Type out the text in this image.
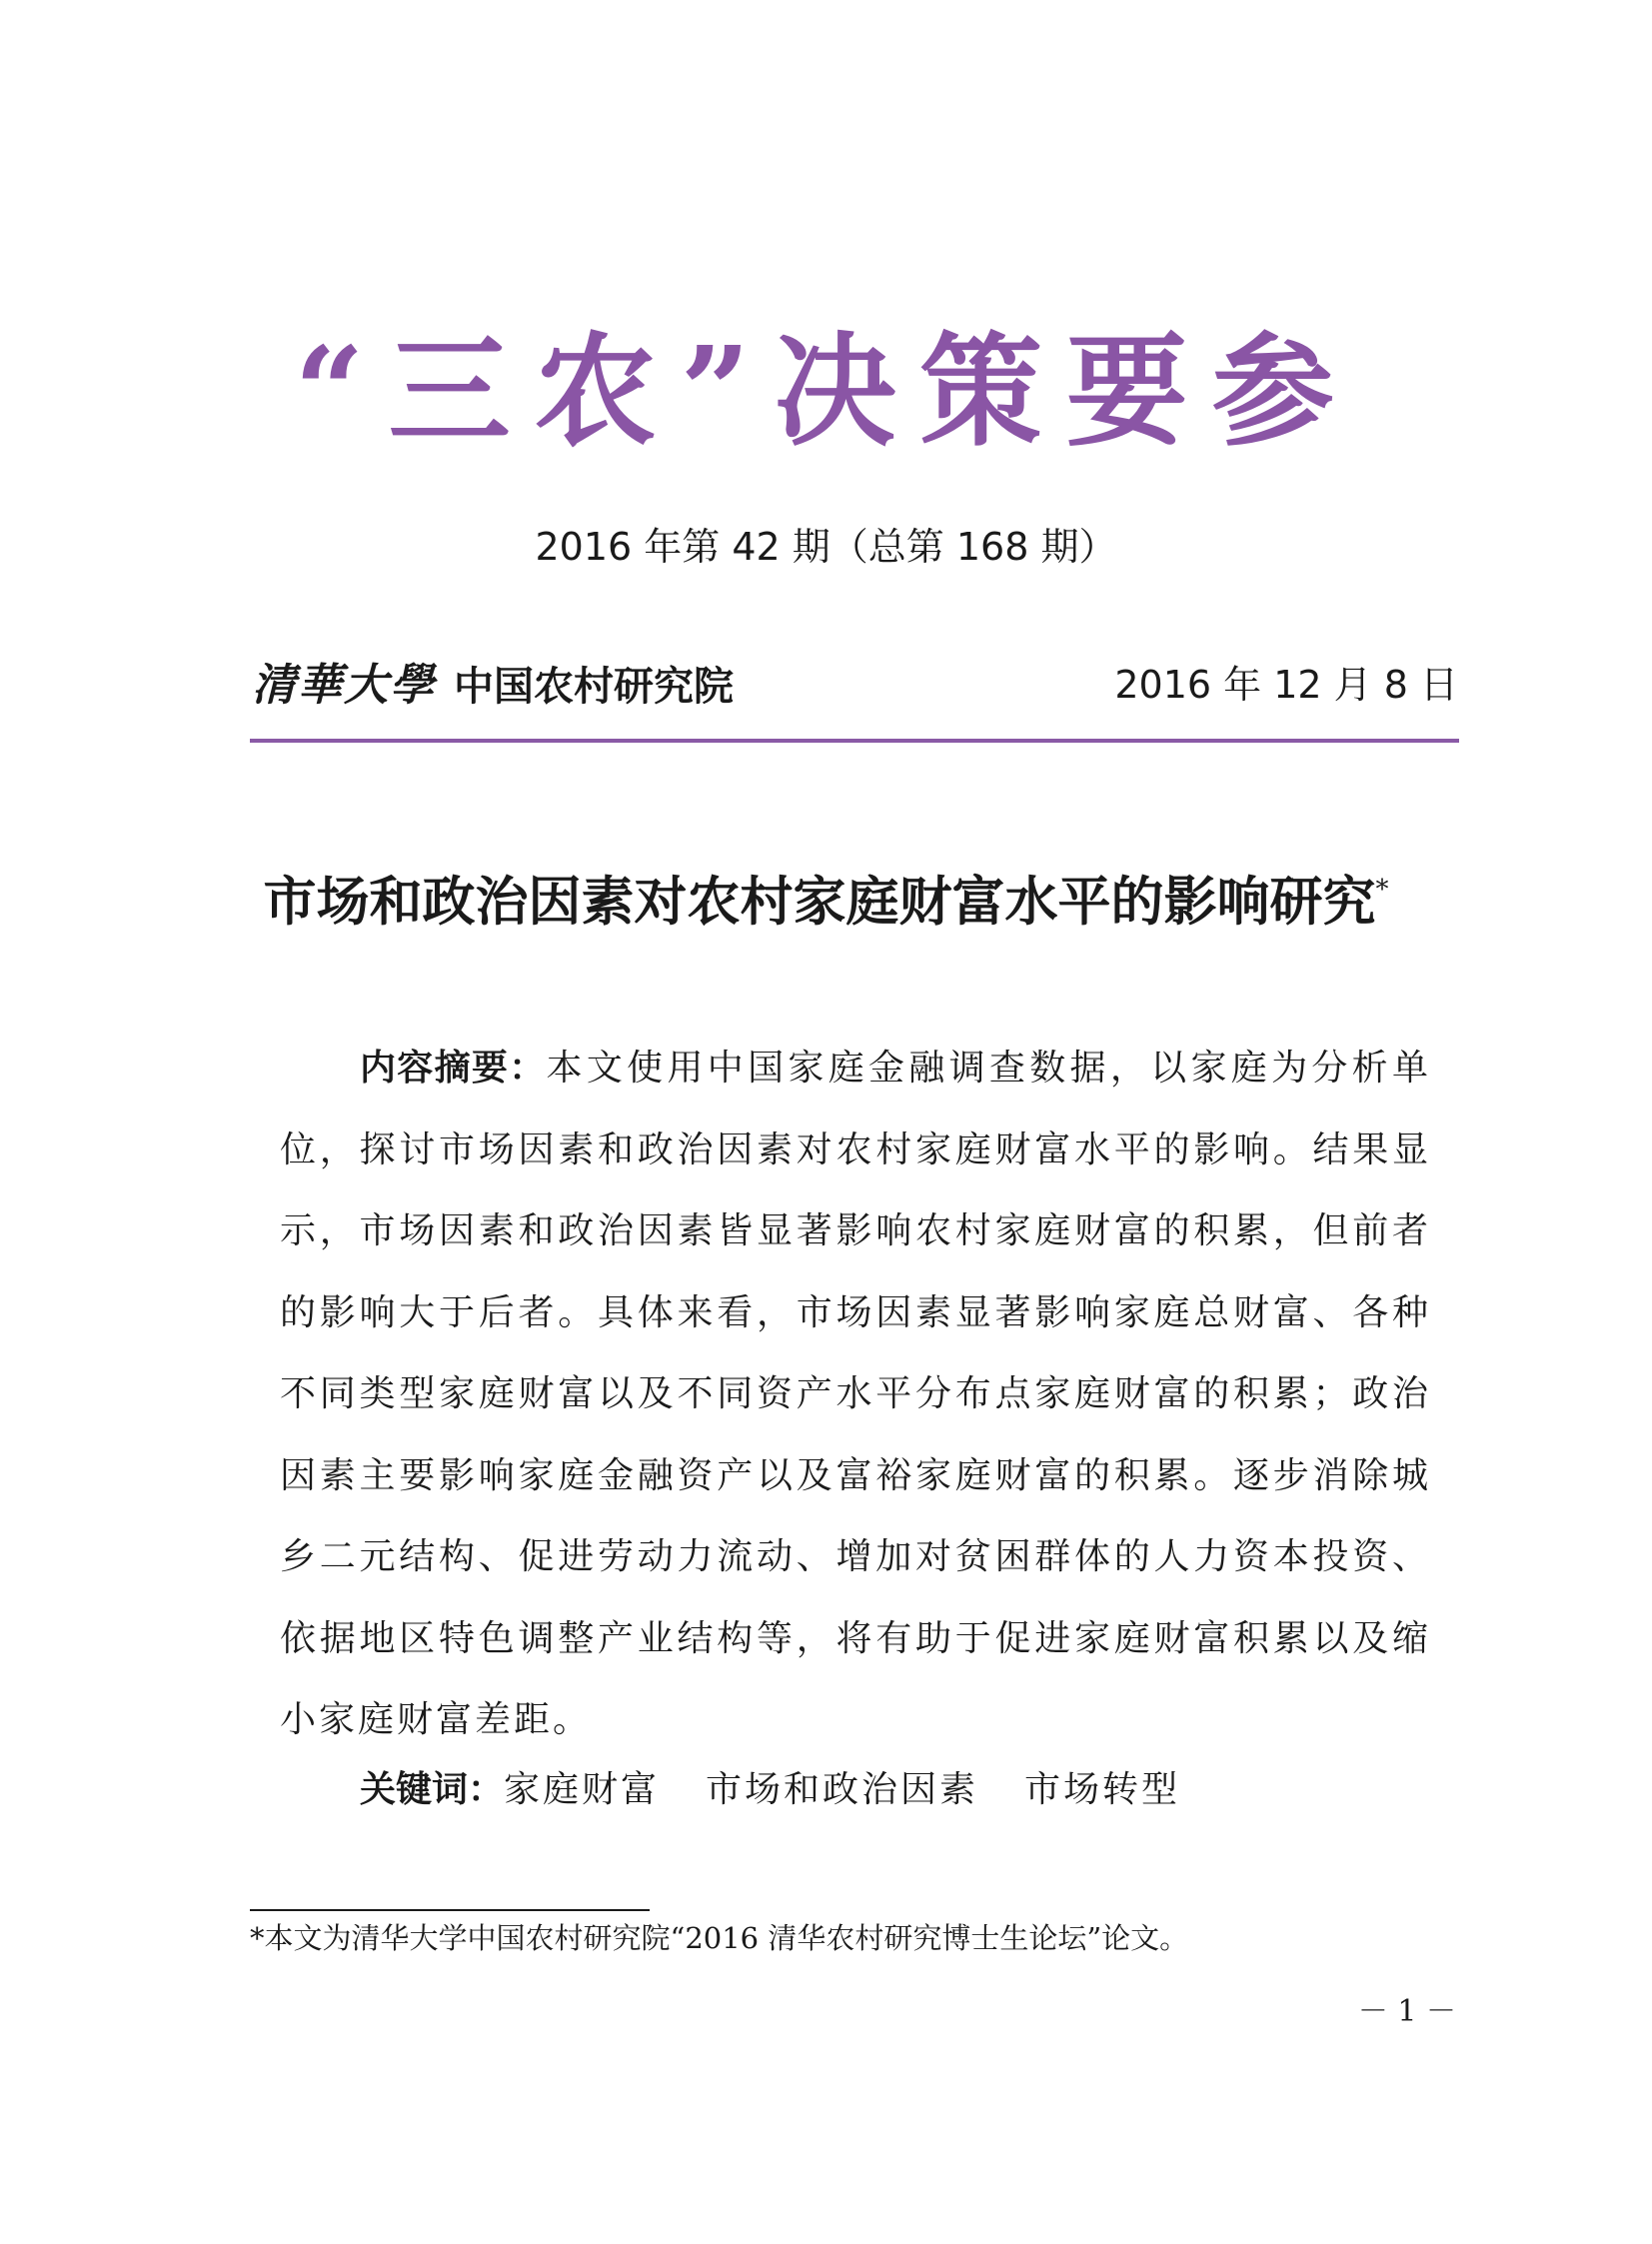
“三农”决策要参
2016 年第 42 期（总第 168 期）
清華大學 中国农村研究院	2016 年 12 月 8 日
市场和政治因素对农村家庭财富水平的影响研究*
内容摘要：本文使用中国家庭金融调查数据，以家庭为分析单位，探讨市场因素和政治因素对农村家庭财富水平的影响。结果显示，市场因素和政治因素皆显著影响农村家庭财富的积累，但前者的影响大于后者。具体来看，市场因素显著影响家庭总财富、各种不同类型家庭财富以及不同资产水平分布点家庭财富的积累；政治因素主要影响家庭金融资产以及富裕家庭财富的积累。逐步消除城乡二元结构、促进劳动力流动、增加对贫困群体的人力资本投资、依据地区特色调整产业结构等，将有助于促进家庭财富积累以及缩小家庭财富差距。
关键词：家庭财富 市场和政治因素 市场转型
*本文为清华大学中国农村研究院“2016 清华农村研究博士生论坛”论文。
－ 1 －
